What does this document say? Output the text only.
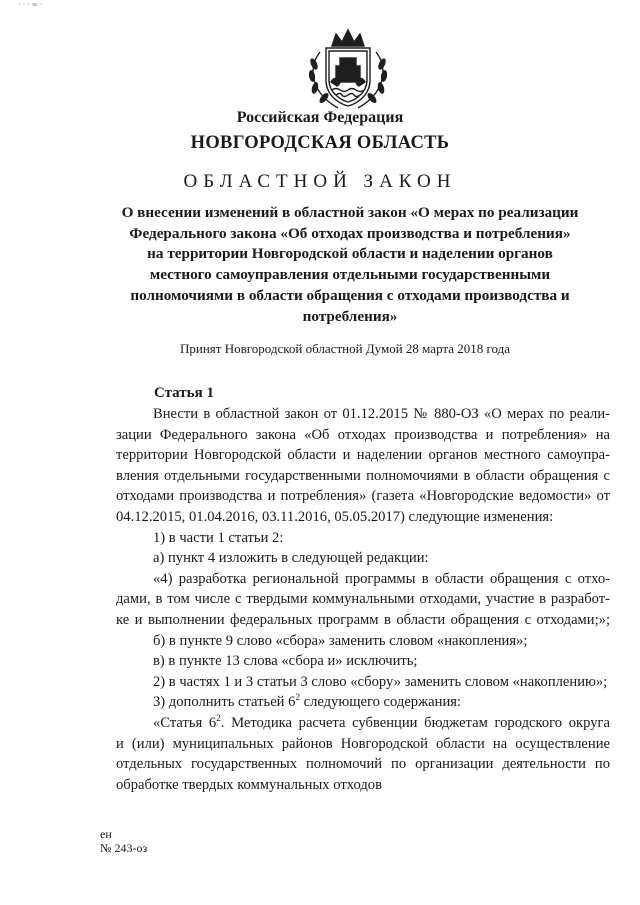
· · · ∞ ·
Российская Федерация
НОВГОРОДСКАЯ ОБЛАСТЬ
ОБЛАСТНОЙ ЗАКОН
О внесении изменений в областной закон «О мерах по реализации Федерального закона «Об отходах производства и потребления» на территории Новгородской области и наделении органов местного самоуправления отдельными государственными полномочиями в области обращения с отходами производства и потребления»
Принят Новгородской областной Думой 28 марта 2018 года
Статья 1

Внести в областной закон от 01.12.2015 № 880-ОЗ «О мерах по реали-

зации Федерального закона «Об отходах производства и потребления» на

территории Новгородской области и наделении органов местного самоупра-

вления отдельными государственными полномочиями в области обращения с

отходами производства и потребления» (газета «Новгородские ведомости» от

04.12.2015, 01.04.2016, 03.11.2016, 05.05.2017) следующие изменения:

1) в части 1 статьи 2:

а) пункт 4 изложить в следующей редакции:

«4) разработка региональной программы в области обращения с отхо-

дами, в том числе с твердыми коммунальными отходами, участие в разработ-

ке и выполнении федеральных программ в области обращения с отходами;»;

б) в пункте 9 слово «сбора» заменить словом «накопления»;

в) в пункте 13 слова «сбора и» исключить;

2) в частях 1 и 3 статьи 3 слово «сбору» заменить словом «накоплению»;

3) дополнить статьей $6^2$ следующего содержания:

«Статья $6^2$. Методика расчета субвенции бюджетам городского округа

и (или) муниципальных районов Новгородской области на осуществление

отдельных государственных полномочий по организации деятельности по

обработке твердых коммунальных отходов

ен
№ 243-оз
